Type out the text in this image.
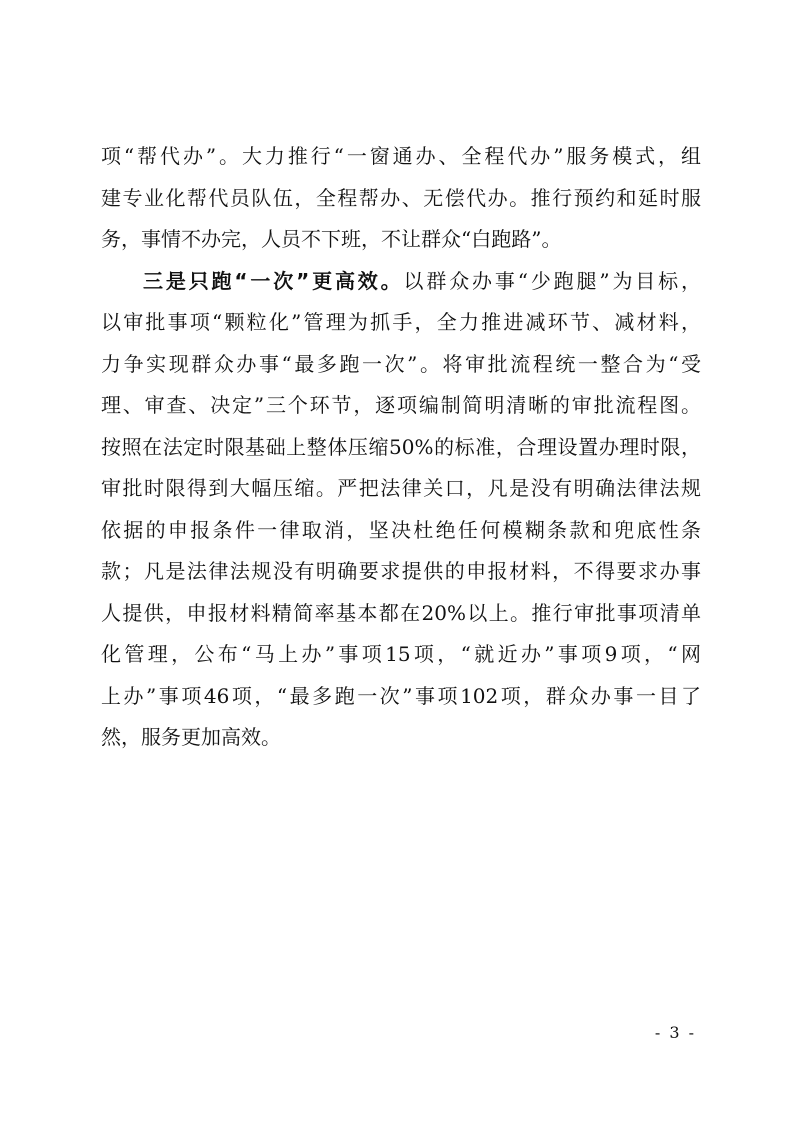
项“帮代办”。大力推行“一窗通办、全程代办”服务模式，组
建专业化帮代员队伍，全程帮办、无偿代办。推行预约和延时服
务，事情不办完，人员不下班，不让群众“白跑路”。
三是只跑“一次”更高效。以群众办事“少跑腿”为目标，
以审批事项“颗粒化”管理为抓手，全力推进减环节、减材料，
力争实现群众办事“最多跑一次”。将审批流程统一整合为“受
理、审查、决定”三个环节，逐项编制简明清晰的审批流程图。
按照在法定时限基础上整体压缩50%的标准，合理设置办理时限，
审批时限得到大幅压缩。严把法律关口，凡是没有明确法律法规
依据的申报条件一律取消，坚决杜绝任何模糊条款和兜底性条
款；凡是法律法规没有明确要求提供的申报材料，不得要求办事
人提供，申报材料精简率基本都在20%以上。推行审批事项清单
化管理，公布“马上办”事项15项，“就近办”事项9项，“网
上办”事项46项，“最多跑一次”事项102项，群众办事一目了
然，服务更加高效。
- 3 -
